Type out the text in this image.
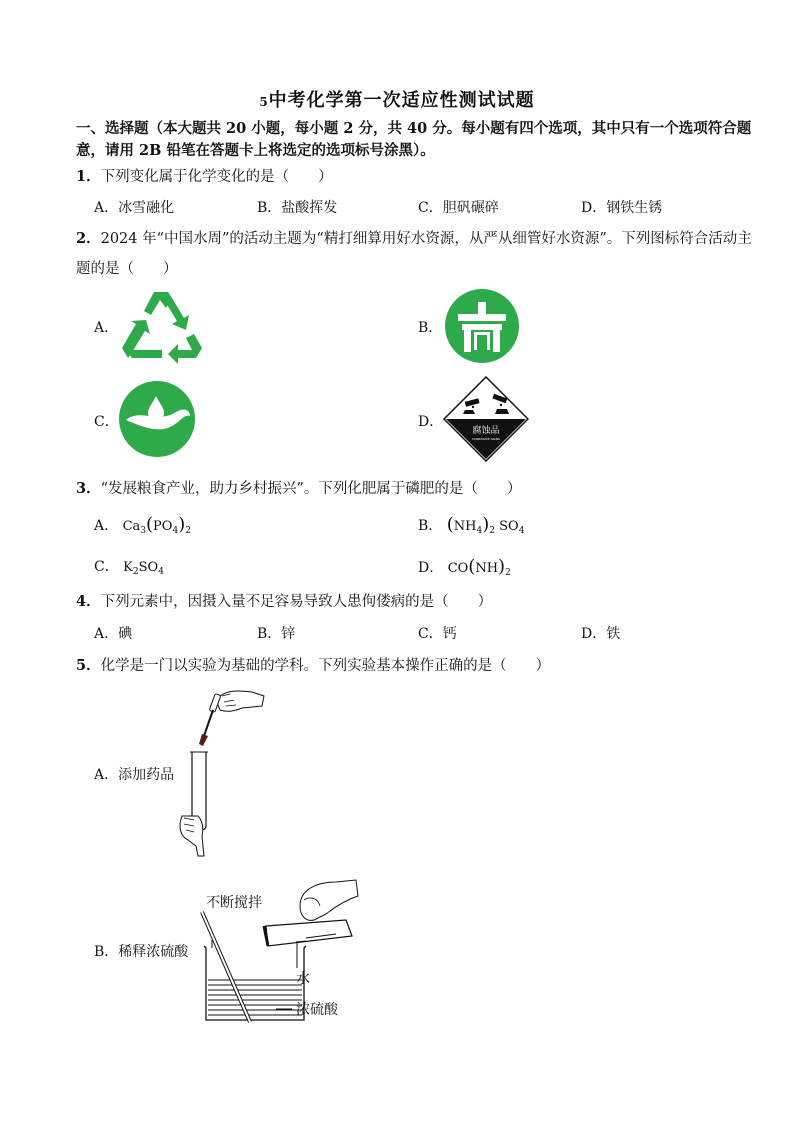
5中考化学第一次适应性测试试题
一、选择题（本大题共 20 小题，每小题 2 分，共 40 分。每小题有四个选项，其中只有一个选项符合题意，请用 2B 铅笔在答题卡上将选定的选项标号涂黑）。
1．下列变化属于化学变化的是（　　）
A．冰雪融化	B．盐酸挥发	C．胆矾碾碎	D．钢铁生锈
2．2024 年“中国水周”的活动主题为“精打细算用好水资源，从严从细管好水资源”。下列图标符合活动主
题的是（　　）
A．	B．
C．	D．
腐蚀品
CORROSIVE SIGNS
3．“发展粮食产业，助力乡村振兴”。下列化肥属于磷肥的是（　　）
A． $Ca_3(PO_4)_2$	B． $(NH_4)_2$ $SO_4$
C． $K_2SO_4$	D． $CO(NH)_2$
4．下列元素中，因摄入量不足容易导致人患佝偻病的是（　　）
A．碘	B．锌	C．钙	D．铁
5．化学是一门以实验为基础的学科。下列实验基本操作正确的是（　　）
A．添加药品
B．稀释浓硫酸
不断搅拌
水
浓硫酸
